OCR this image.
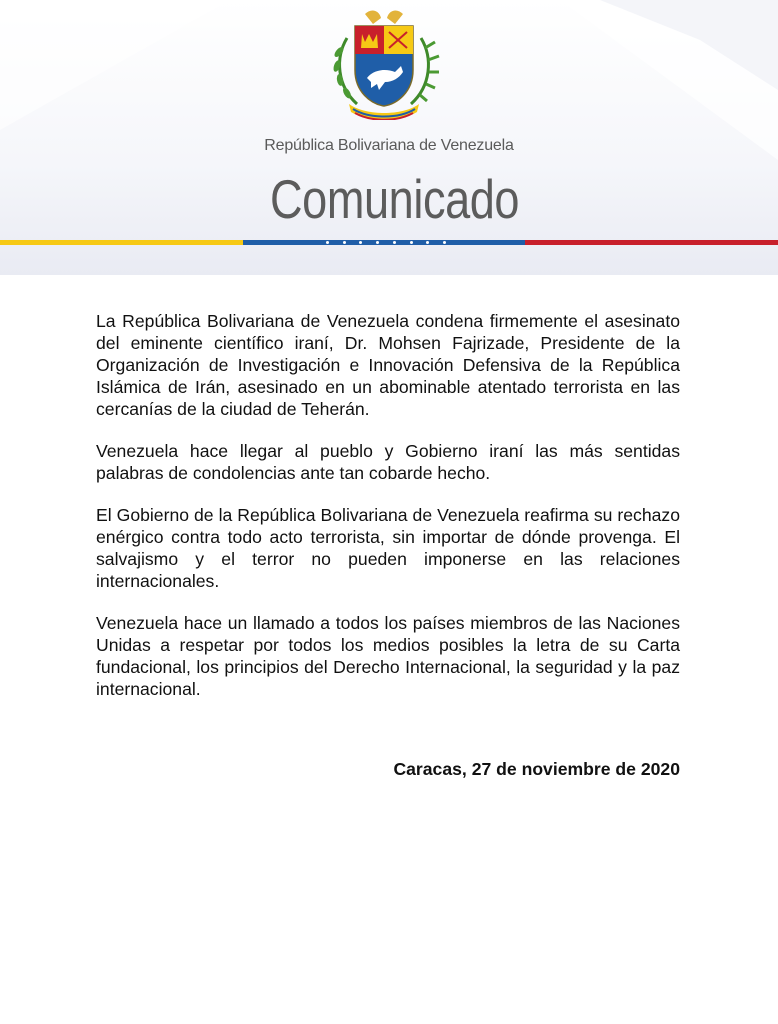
República Bolivariana de Venezuela
Comunicado

La República Bolivariana de Venezuela condena firmemente el asesinato del eminente científico iraní, Dr. Mohsen Fajrizade, Presidente de la Organización de Investigación e Innovación Defensiva de la República Islámica de Irán, asesinado en un abominable atentado terrorista en las cercanías de la ciudad de Teherán.

Venezuela hace llegar al pueblo y Gobierno iraní las más sentidas palabras de condolencias ante tan cobarde hecho.

El Gobierno de la República Bolivariana de Venezuela reafirma su rechazo enérgico contra todo acto terrorista, sin importar de dónde provenga. El salvajismo y el terror no pueden imponerse en las relaciones internacionales.

Venezuela hace un llamado a todos los países miembros de las Naciones Unidas a respetar por todos los medios posibles la letra de su Carta fundacional, los principios del Derecho Internacional, la seguridad y la paz internacional.

Caracas, 27 de noviembre de 2020
